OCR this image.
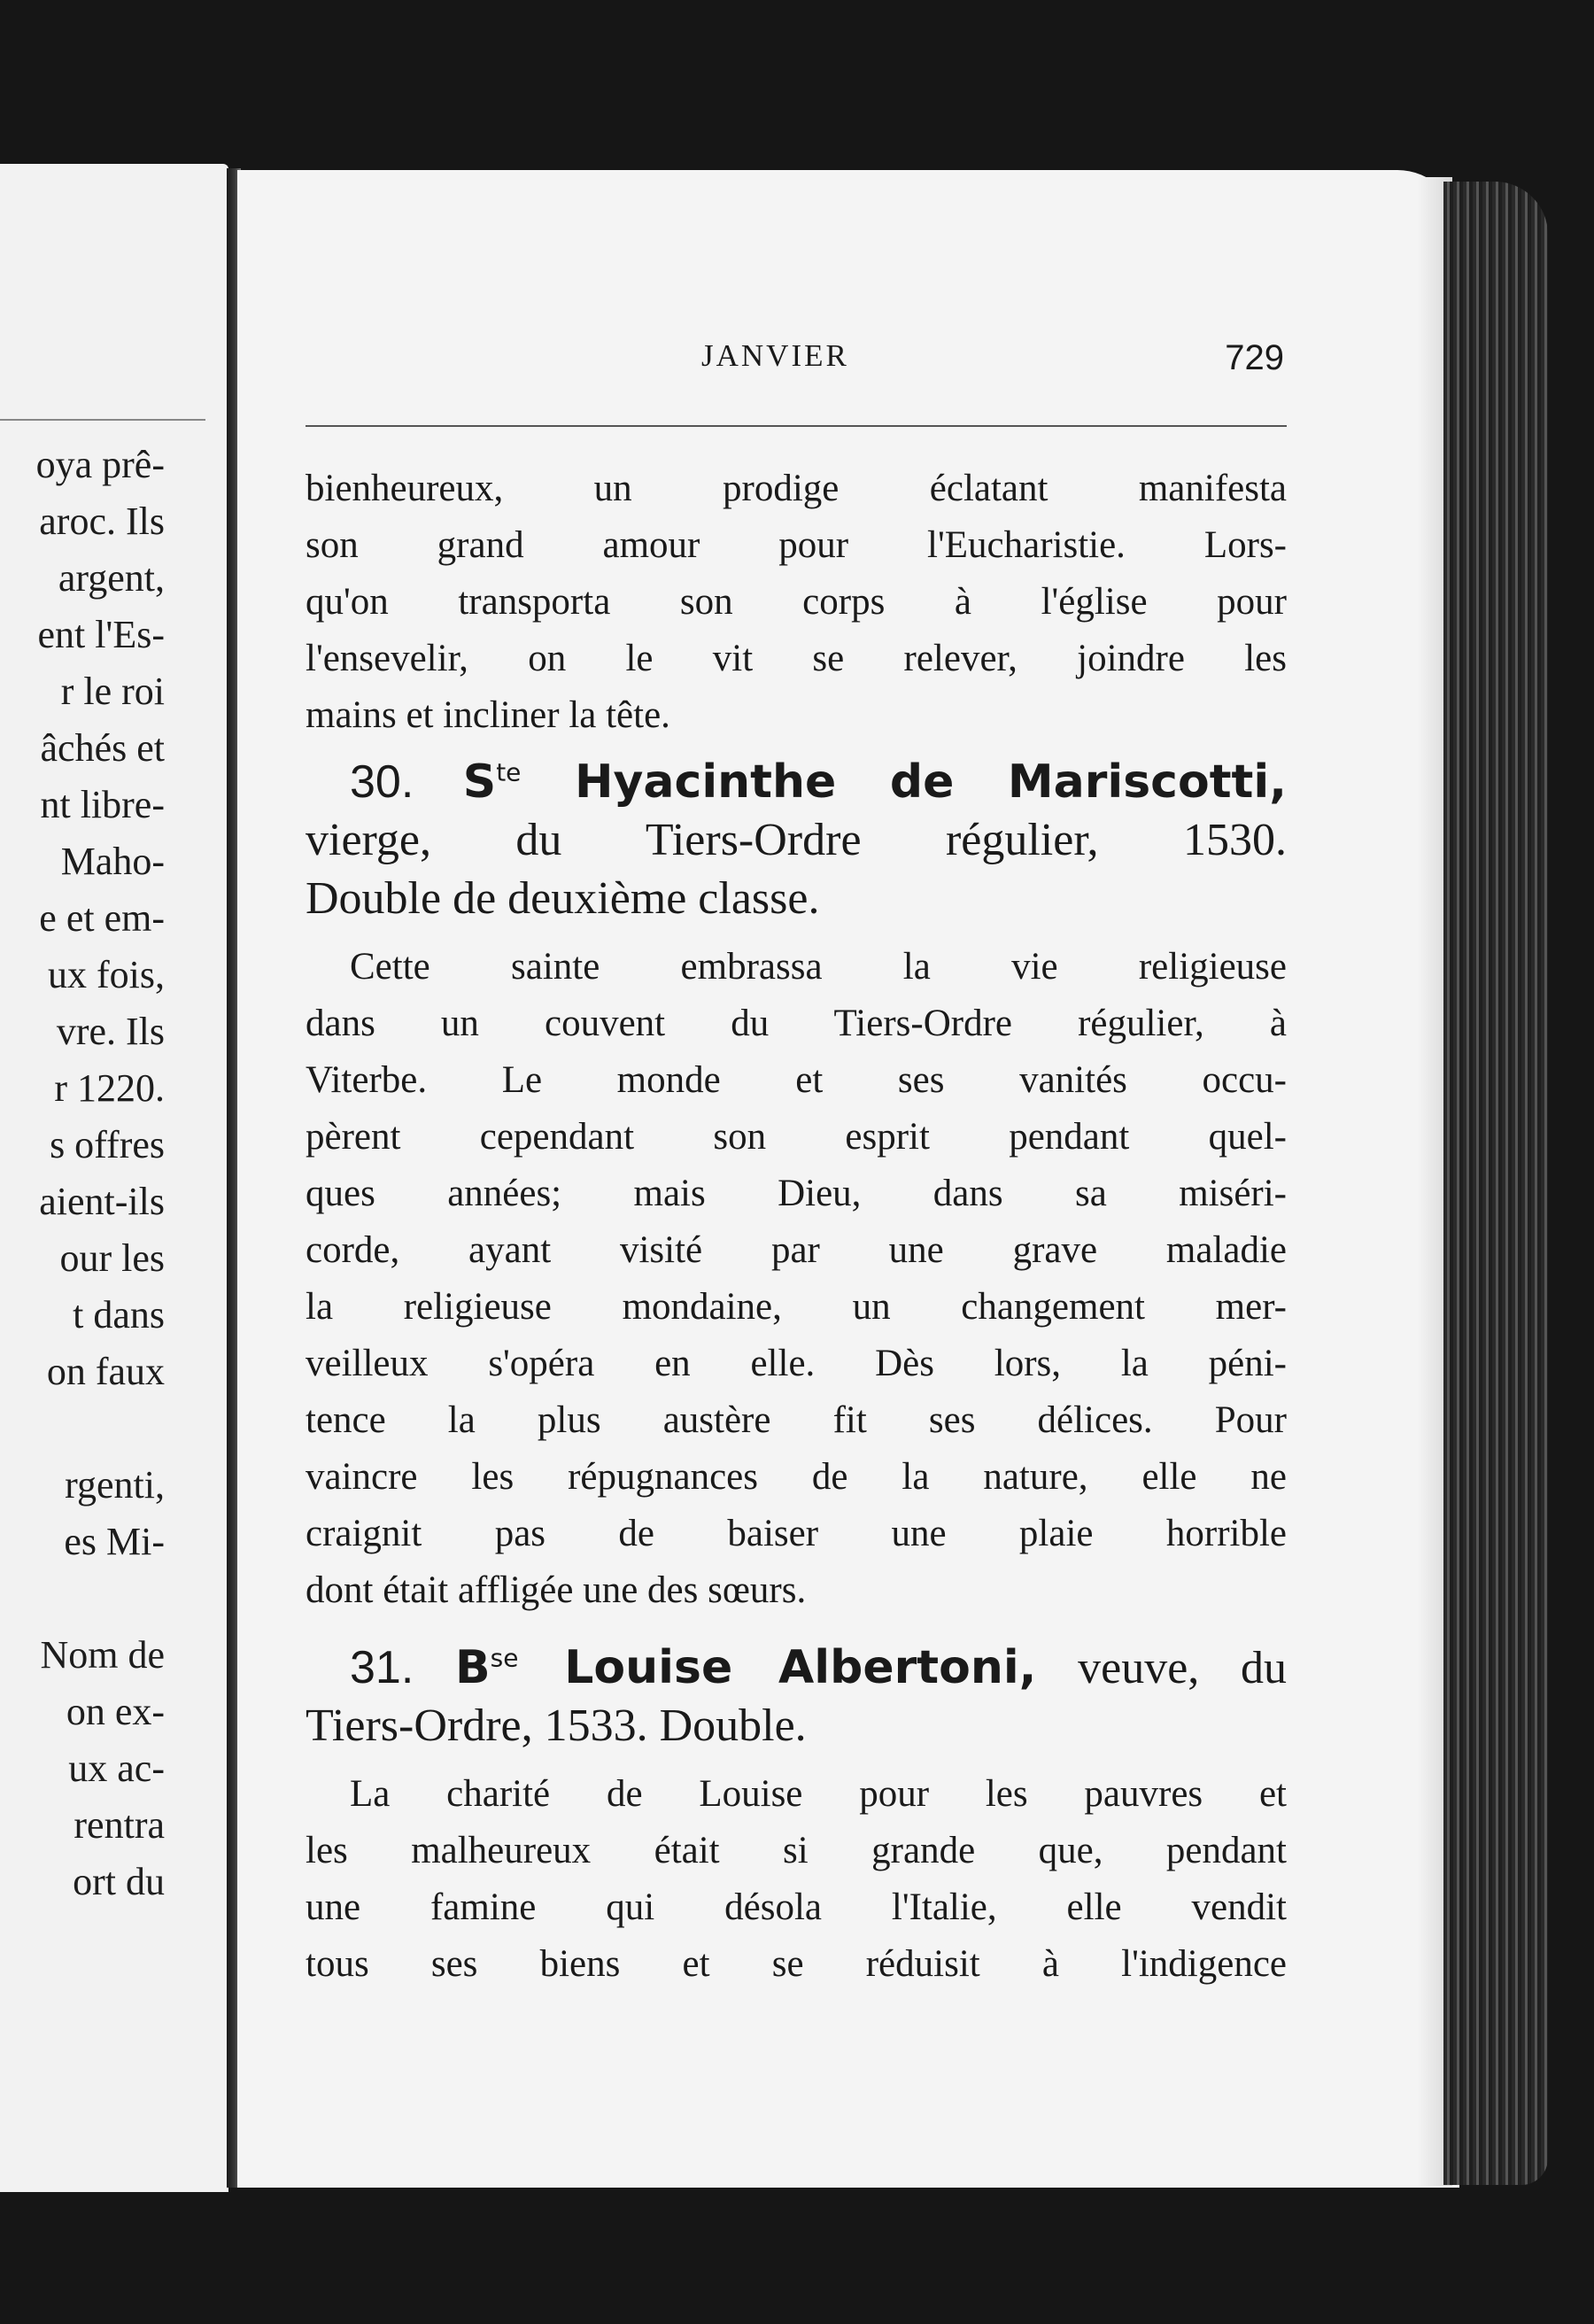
oya prê-
aroc. Ils
argent,
ent l'Es-
r le roi
âchés et
nt libre-
Maho-
e et em-
ux fois,
vre. Ils
r 1220.
s offres
aient-ils
our les
t dans
on faux
rgenti,
es Mi-
Nom de
on ex-
ux ac-
rentra
ort du
JANVIER	729
bienheureux, un prodige éclatant manifesta
son grand amour pour l'Eucharistie. Lors-
qu'on transporta son corps à l'église pour
l'ensevelir, on le vit se relever, joindre les
mains et incliner la tête.
30. $S^{te}$ Hyacinthe de Mariscotti,
vierge, du Tiers-Ordre régulier, 1530.
Double de deuxième classe.
Cette sainte embrassa la vie religieuse
dans un couvent du Tiers-Ordre régulier, à
Viterbe. Le monde et ses vanités occu-
pèrent cependant son esprit pendant quel-
ques années; mais Dieu, dans sa miséri-
corde, ayant visité par une grave maladie
la religieuse mondaine, un changement mer-
veilleux s'opéra en elle. Dès lors, la péni-
tence la plus austère fit ses délices. Pour
vaincre les répugnances de la nature, elle ne
craignit pas de baiser une plaie horrible
dont était affligée une des sœurs.
31. $B^{se}$ Louise Albertoni, veuve, du
Tiers-Ordre, 1533. Double.
La charité de Louise pour les pauvres et
les malheureux était si grande que, pendant
une famine qui désola l'Italie, elle vendit
tous ses biens et se réduisit à l'indigence
